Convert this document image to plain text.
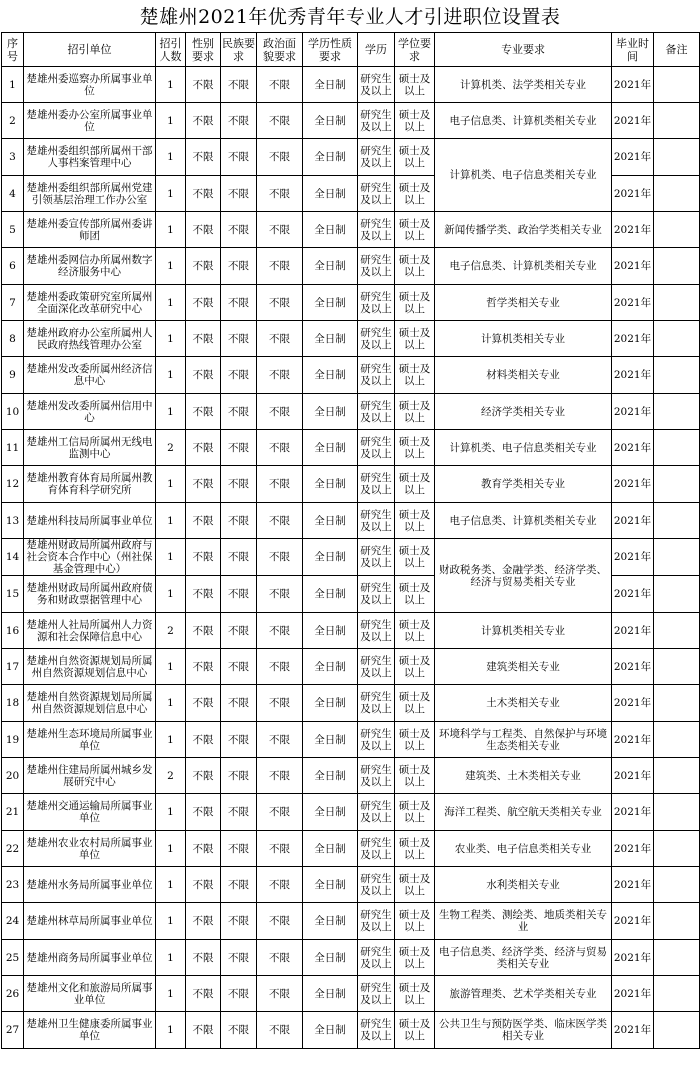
楚雄州2021年优秀青年专业人才引进职位设置表
序号	招引单位	招引人数	性别要求	民族要求	政治面貌要求	学历性质要求	学历	学位要求	专业要求	毕业时间	备注
1	楚雄州委巡察办所属事业单位	1	不限	不限	不限	全日制	研究生及以上	硕士及以上	计算机类、法学类相关专业	2021年	
2	楚雄州委办公室所属事业单位	1	不限	不限	不限	全日制	研究生及以上	硕士及以上	电子信息类、计算机类相关专业	2021年	
3	楚雄州委组织部所属州干部人事档案管理中心	1	不限	不限	不限	全日制	研究生及以上	硕士及以上	计算机类、电子信息类相关专业	2021年	
4	楚雄州委组织部所属州党建引领基层治理工作办公室	1	不限	不限	不限	全日制	研究生及以上	硕士及以上		2021年	
5	楚雄州委宣传部所属州委讲师团	1	不限	不限	不限	全日制	研究生及以上	硕士及以上	新闻传播学类、政治学类相关专业	2021年	
6	楚雄州委网信办所属州数字经济服务中心	1	不限	不限	不限	全日制	研究生及以上	硕士及以上	电子信息类、计算机类相关专业	2021年	
7	楚雄州委政策研究室所属州全面深化改革研究中心	1	不限	不限	不限	全日制	研究生及以上	硕士及以上	哲学类相关专业	2021年	
8	楚雄州政府办公室所属州人民政府热线管理办公室	1	不限	不限	不限	全日制	研究生及以上	硕士及以上	计算机类相关专业	2021年	
9	楚雄州发改委所属州经济信息中心	1	不限	不限	不限	全日制	研究生及以上	硕士及以上	材料类相关专业	2021年	
10	楚雄州发改委所属州信用中心	1	不限	不限	不限	全日制	研究生及以上	硕士及以上	经济学类相关专业	2021年	
11	楚雄州工信局所属州无线电监测中心	2	不限	不限	不限	全日制	研究生及以上	硕士及以上	计算机类、电子信息类相关专业	2021年	
12	楚雄州教育体育局所属州教育体育科学研究所	1	不限	不限	不限	全日制	研究生及以上	硕士及以上	教育学类相关专业	2021年	
13	楚雄州科技局所属事业单位	1	不限	不限	不限	全日制	研究生及以上	硕士及以上	电子信息类、计算机类相关专业	2021年	
14	楚雄州财政局所属州政府与社会资本合作中心（州社保基金管理中心）	1	不限	不限	不限	全日制	研究生及以上	硕士及以上	财政税务类、金融学类、经济学类、经济与贸易类相关专业	2021年	
15	楚雄州财政局所属州政府债务和财政票据管理中心	1	不限	不限	不限	全日制	研究生及以上	硕士及以上		2021年	
16	楚雄州人社局所属州人力资源和社会保障信息中心	2	不限	不限	不限	全日制	研究生及以上	硕士及以上	计算机类相关专业	2021年	
17	楚雄州自然资源规划局所属州自然资源规划信息中心	1	不限	不限	不限	全日制	研究生及以上	硕士及以上	建筑类相关专业	2021年	
18	楚雄州自然资源规划局所属州自然资源规划信息中心	1	不限	不限	不限	全日制	研究生及以上	硕士及以上	土木类相关专业	2021年	
19	楚雄州生态环境局所属事业单位	1	不限	不限	不限	全日制	研究生及以上	硕士及以上	环境科学与工程类、自然保护与环境生态类相关专业	2021年	
20	楚雄州住建局所属州城乡发展研究中心	2	不限	不限	不限	全日制	研究生及以上	硕士及以上	建筑类、土木类相关专业	2021年	
21	楚雄州交通运输局所属事业单位	1	不限	不限	不限	全日制	研究生及以上	硕士及以上	海洋工程类、航空航天类相关专业	2021年	
22	楚雄州农业农村局所属事业单位	1	不限	不限	不限	全日制	研究生及以上	硕士及以上	农业类、电子信息类相关专业	2021年	
23	楚雄州水务局所属事业单位	1	不限	不限	不限	全日制	研究生及以上	硕士及以上	水利类相关专业	2021年	
24	楚雄州林草局所属事业单位	1	不限	不限	不限	全日制	研究生及以上	硕士及以上	生物工程类、测绘类、地质类相关专业	2021年	
25	楚雄州商务局所属事业单位	1	不限	不限	不限	全日制	研究生及以上	硕士及以上	电子信息类、经济学类、经济与贸易类相关专业	2021年	
26	楚雄州文化和旅游局所属事业单位	1	不限	不限	不限	全日制	研究生及以上	硕士及以上	旅游管理类、艺术学类相关专业	2021年	
27	楚雄州卫生健康委所属事业单位	1	不限	不限	不限	全日制	研究生及以上	硕士及以上	公共卫生与预防医学类、临床医学类相关专业	2021年	
